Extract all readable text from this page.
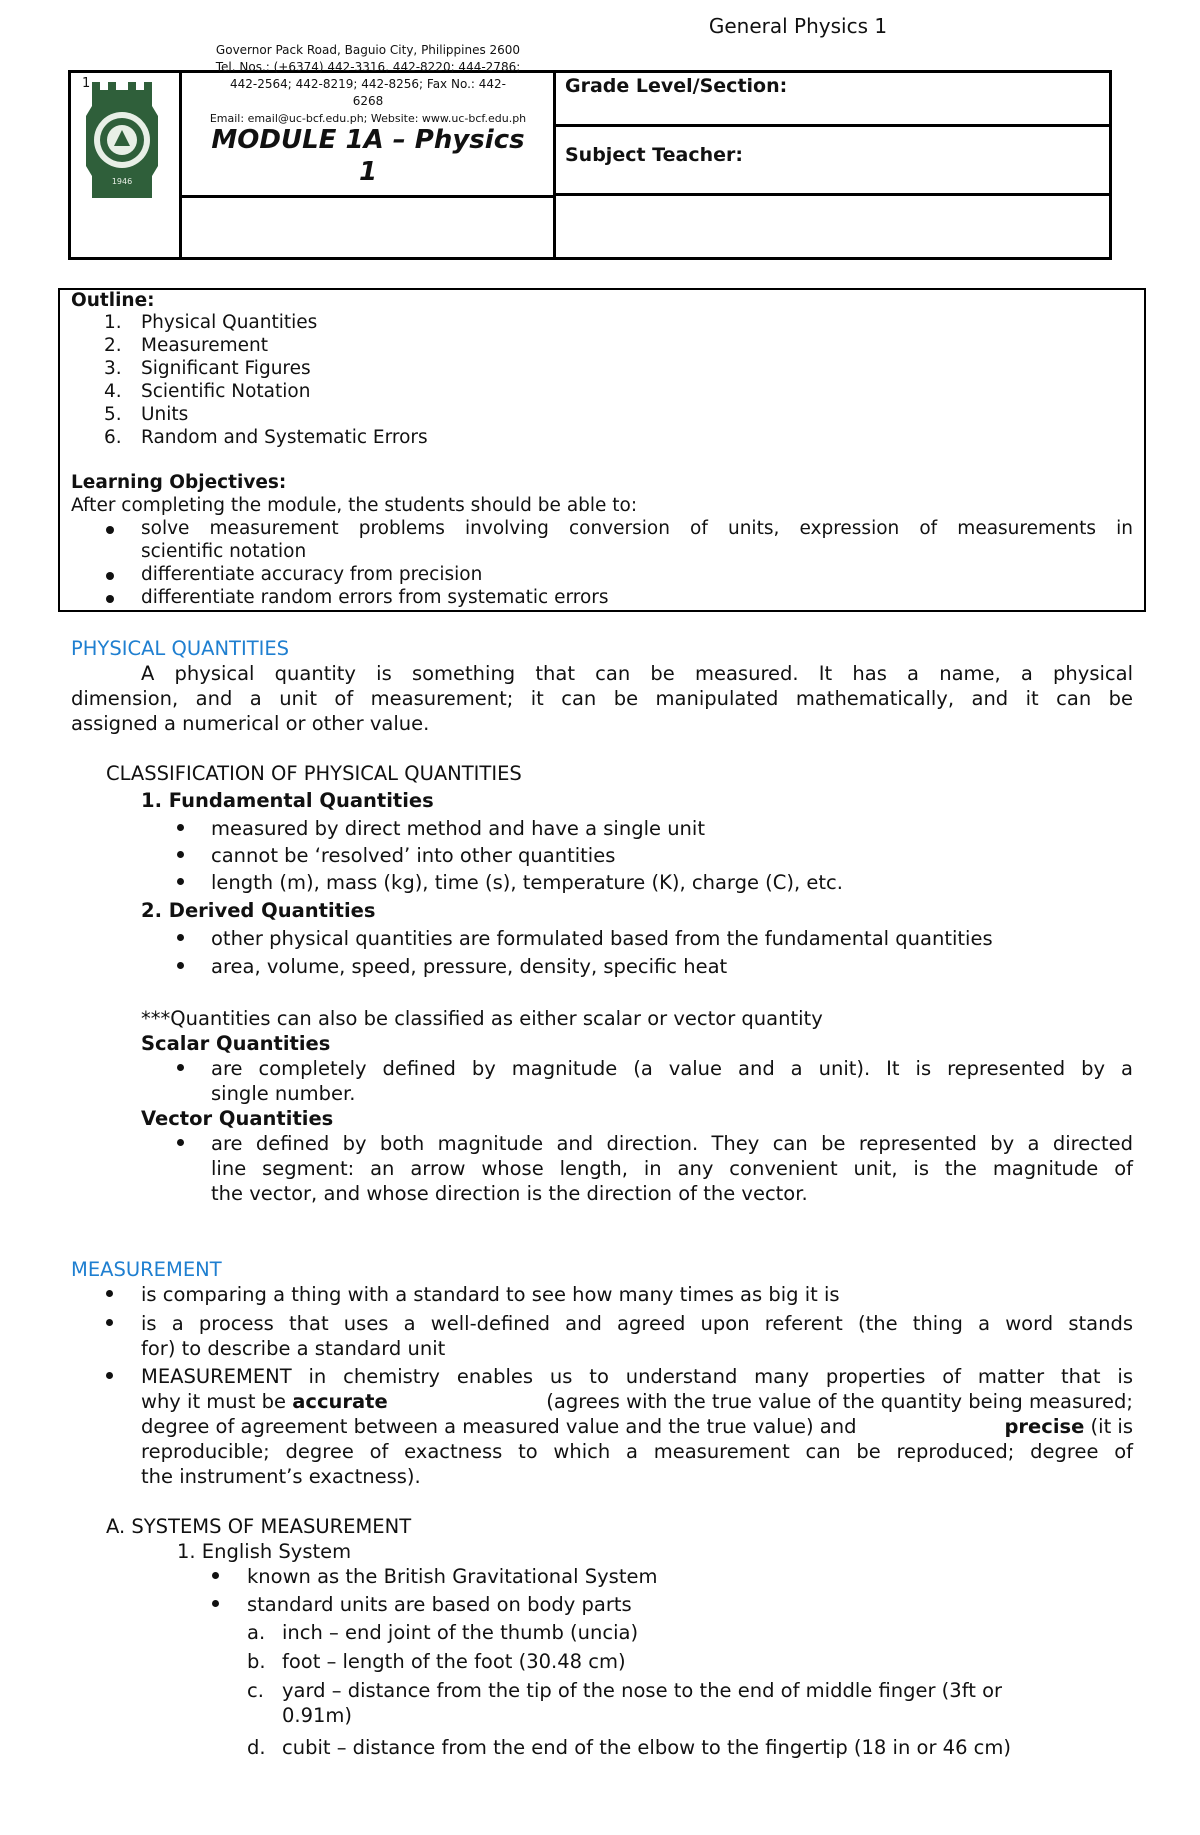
1
1946
Governor Pack Road, Baguio City, Philippines 2600
Tel. Nos.: (+6374) 442-3316, 442-8220; 444-2786;
442-2564; 442-8219; 442-8256; Fax No.: 442-
6268
Email: email@uc-bcf.edu.ph; Website: www.uc-bcf.edu.ph
MODULE 1A – Physics
1
General Physics 1
Grade Level/Section:
Subject Teacher:
Outline:
1. Physical Quantities
2. Measurement
3. Significant Figures
4. Scientific Notation
5. Units
6. Random and Systematic Errors
Learning Objectives:
After completing the module, the students should be able to:
solve measurement problems involving conversion of units, expression of measurements in
scientific notation
differentiate accuracy from precision
differentiate random errors from systematic errors
PHYSICAL QUANTITIES
A physical quantity is something that can be measured. It has a name, a physical
dimension, and a unit of measurement; it can be manipulated mathematically, and it can be
assigned a numerical or other value.
CLASSIFICATION OF PHYSICAL QUANTITIES
1. Fundamental Quantities
measured by direct method and have a single unit
cannot be ‘resolved’ into other quantities
length (m), mass (kg), time (s), temperature (K), charge (C), etc.
2. Derived Quantities
other physical quantities are formulated based from the fundamental quantities
area, volume, speed, pressure, density, specific heat
***Quantities can also be classified as either scalar or vector quantity
Scalar Quantities
are completely defined by magnitude (a value and a unit). It is represented by a
single number.
Vector Quantities
are defined by both magnitude and direction. They can be represented by a directed
line segment: an arrow whose length, in any convenient unit, is the magnitude of
the vector, and whose direction is the direction of the vector.
MEASUREMENT
is comparing a thing with a standard to see how many times as big it is
is a process that uses a well-defined and agreed upon referent (the thing a word stands
for) to describe a standard unit
MEASUREMENT in chemistry enables us to understand many properties of matter that is
why it must be accurate	(agrees with the true value of the quantity being measured;
degree of agreement between a measured value and the true value) and	precise (it is
reproducible; degree of exactness to which a measurement can be reproduced; degree of
the instrument’s exactness).
A. SYSTEMS OF MEASUREMENT
1. English System
known as the British Gravitational System
standard units are based on body parts
a. inch – end joint of the thumb (uncia)
b. foot – length of the foot (30.48 cm)
c. yard – distance from the tip of the nose to the end of middle finger (3ft or
0.91m)
d. cubit – distance from the end of the elbow to the fingertip (18 in or 46 cm)
